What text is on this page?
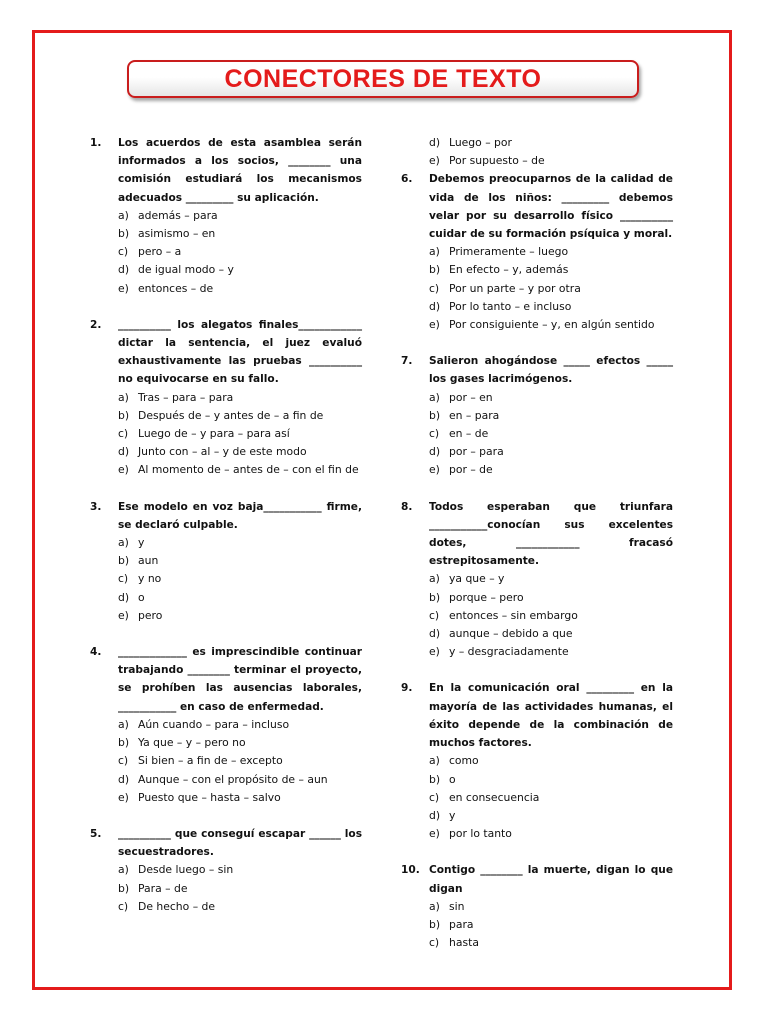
CONECTORES DE TEXTO
1.	Los acuerdos de esta asamblea serán informados a los socios, ________ una comisión estudiará los mecanismos adecuados _________ su aplicación.
a) además – para
b) asimismo – en
c) pero – a
d) de igual modo – y
e) entonces – de
2.	__________ los alegatos finales____________ dictar la sentencia, el juez evaluó exhaustivamente las pruebas __________ no equivocarse en su fallo.
a) Tras – para – para
b) Después de – y antes de – a fin de
c) Luego de – y para – para así
d) Junto con – al – y de este modo
e) Al momento de – antes de – con el fin de
3.	Ese modelo en voz baja___________ firme, se declaró culpable.
a) y
b) aun
c) y no
d) o
e) pero
4.	_____________ es imprescindible continuar trabajando ________ terminar el proyecto, se prohíben las ausencias laborales, ___________ en caso de enfermedad.
a) Aún cuando – para – incluso
b) Ya que – y – pero no
c) Si bien – a fin de – excepto
d) Aunque – con el propósito de – aun
e) Puesto que – hasta – salvo
5.	__________ que conseguí escapar ______ los secuestradores.
a) Desde luego – sin
b) Para – de
c) De hecho – de
d) Luego – por
e) Por supuesto – de
6.	Debemos preocuparnos de la calidad de vida de los niños: _________ debemos velar por su desarrollo físico __________ cuidar de su formación psíquica y moral.
a) Primeramente – luego
b) En efecto – y, además
c) Por un parte – y por otra
d) Por lo tanto – e incluso
e) Por consiguiente – y, en algún sentido
7.	Salieron ahogándose _____ efectos _____ los gases lacrimógenos.
a) por – en
b) en – para
c) en – de
d) por – para
e) por – de
8.	Todos esperaban que triunfara ___________conocían sus excelentes dotes, ____________ fracasó estrepitosamente.
a) ya que – y
b) porque – pero
c) entonces – sin embargo
d) aunque – debido a que
e) y – desgraciadamente
9.	En la comunicación oral _________ en la mayoría de las actividades humanas, el éxito depende de la combinación de muchos factores.
a) como
b) o
c) en consecuencia
d) y
e) por lo tanto
10. Contigo ________ la muerte, digan lo que digan
a) sin
b) para
c) hasta
